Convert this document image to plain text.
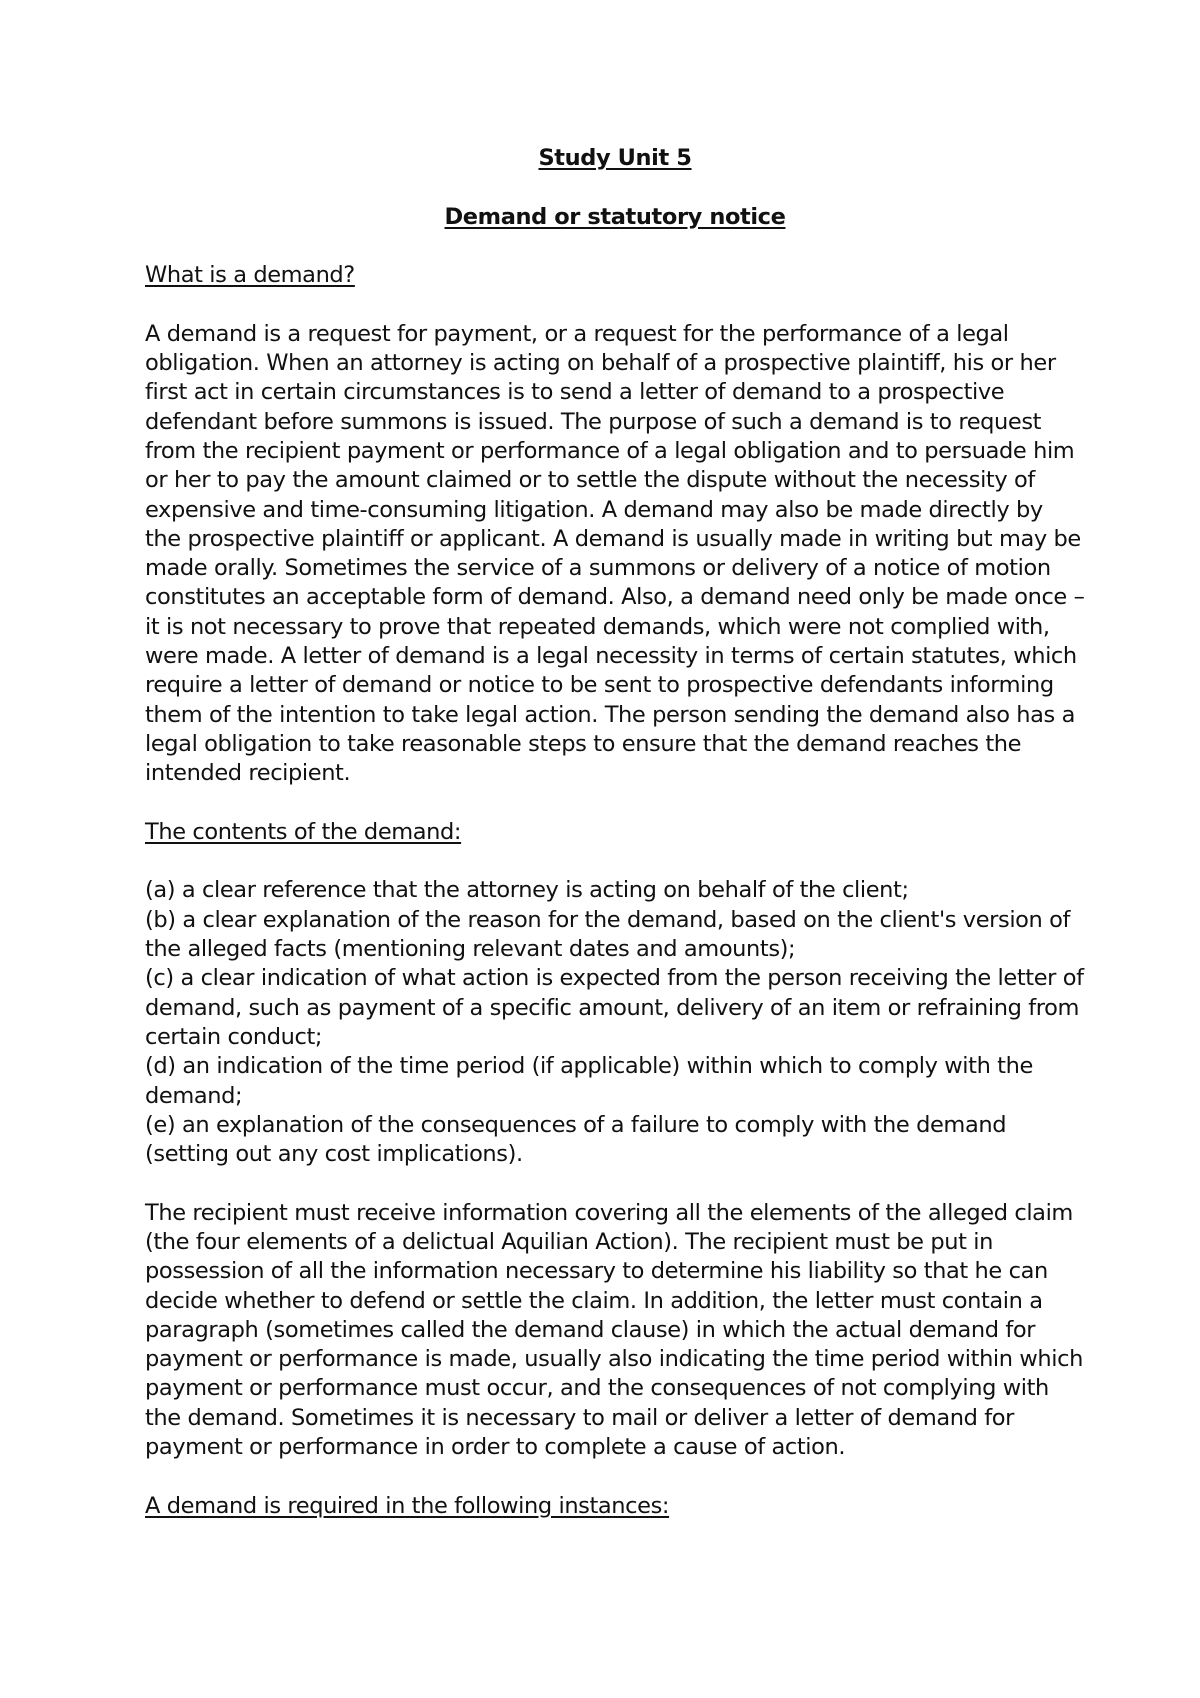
Study Unit 5
Demand or statutory notice
What is a demand?

A demand is a request for payment, or a request for the performance of a legal obligation. When an attorney is acting on behalf of a prospective plaintiff, his or her first act in certain circumstances is to send a letter of demand to a prospective defendant before summons is issued. The purpose of such a demand is to request from the recipient payment or performance of a legal obligation and to persuade him or her to pay the amount claimed or to settle the dispute without the necessity of expensive and time-consuming litigation. A demand may also be made directly by the prospective plaintiff or applicant. A demand is usually made in writing but may be made orally. Sometimes the service of a summons or delivery of a notice of motion constitutes an acceptable form of demand. Also, a demand need only be made once – it is not necessary to prove that repeated demands, which were not complied with, were made. A letter of demand is a legal necessity in terms of certain statutes, which require a letter of demand or notice to be sent to prospective defendants informing them of the intention to take legal action. The person sending the demand also has a legal obligation to take reasonable steps to ensure that the demand reaches the intended recipient.

The contents of the demand:
(a) a clear reference that the attorney is acting on behalf of the client;
(b) a clear explanation of the reason for the demand, based on the client's version of the alleged facts (mentioning relevant dates and amounts);
(c) a clear indication of what action is expected from the person receiving the letter of demand, such as payment of a specific amount, delivery of an item or refraining from certain conduct;
(d) an indication of the time period (if applicable) within which to comply with the demand;
(e) an explanation of the consequences of a failure to comply with the demand (setting out any cost implications).

The recipient must receive information covering all the elements of the alleged claim (the four elements of a delictual Aquilian Action). The recipient must be put in possession of all the information necessary to determine his liability so that he can decide whether to defend or settle the claim. In addition, the letter must contain a paragraph (sometimes called the demand clause) in which the actual demand for payment or performance is made, usually also indicating the time period within which payment or performance must occur, and the consequences of not complying with the demand. Sometimes it is necessary to mail or deliver a letter of demand for payment or performance in order to complete a cause of action.

A demand is required in the following instances:
